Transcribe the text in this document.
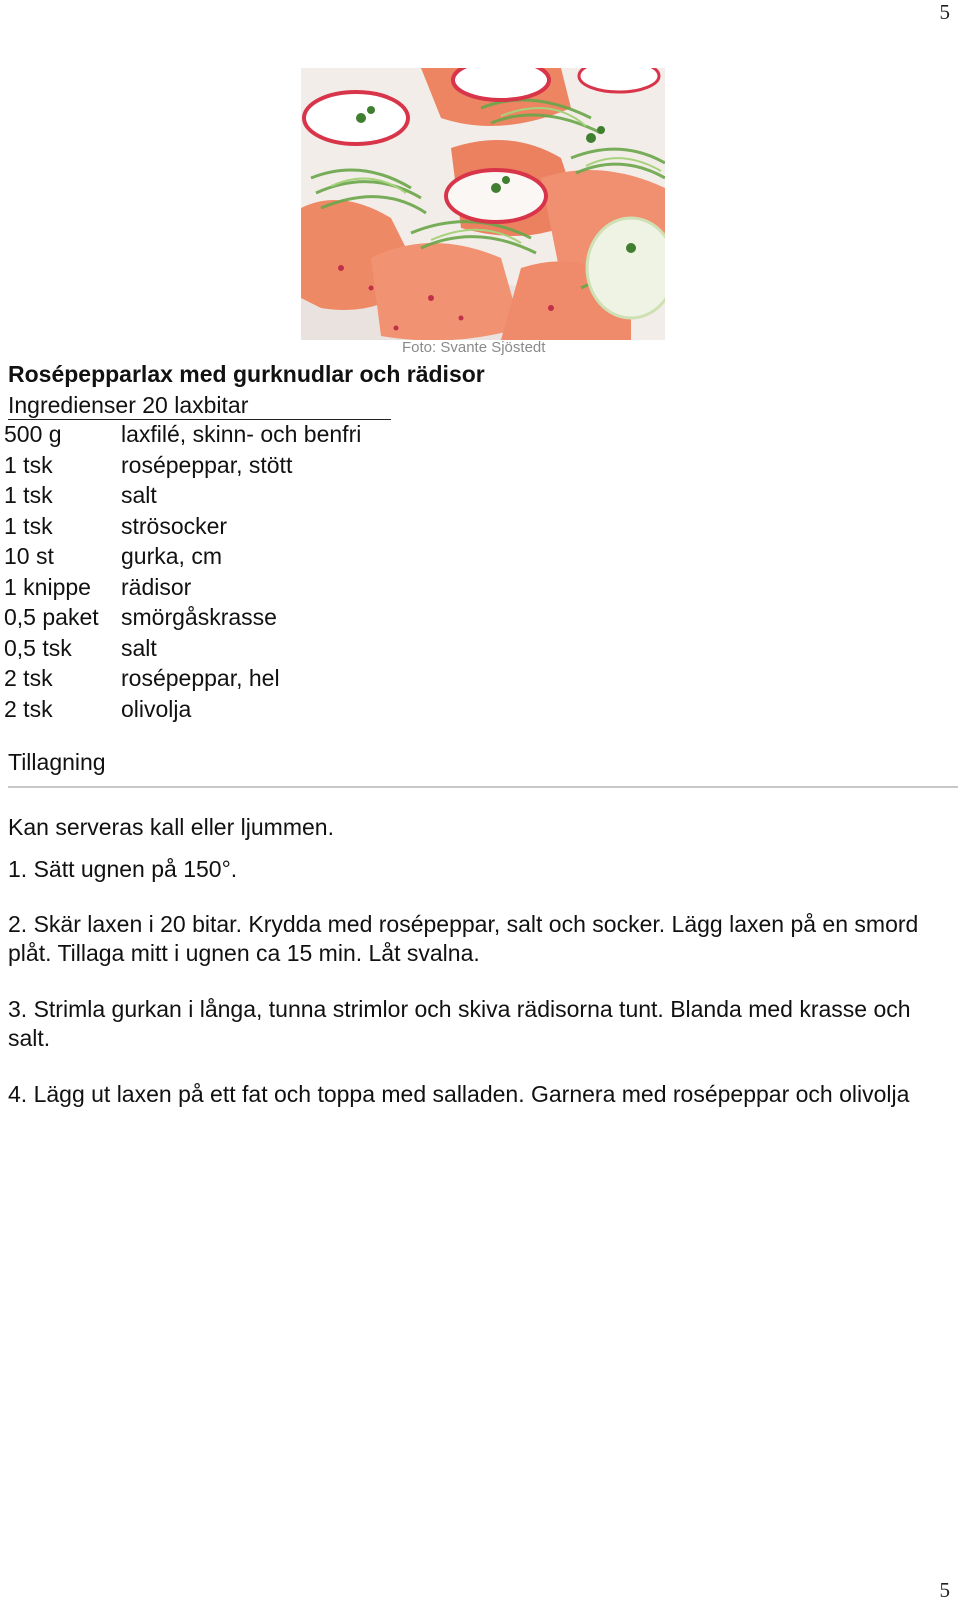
5
Foto: Svante Sjöstedt
Rosépepparlax med gurknudlar och rädisor
Ingredienser 20 laxbitar
500 g	laxfilé, skinn- och benfri
1 tsk	rosépeppar, stött
1 tsk	salt
1 tsk	strösocker
10 st	gurka, cm
1 knippe rädisor
0,5 paket smörgåskrasse
0,5 tsk salt
2 tsk	rosépeppar, hel
2 tsk	olivolja
Tillagning
Kan serveras kall eller ljummen.

1. Sätt ugnen på 150°.

2. Skär laxen i 20 bitar. Krydda med rosépeppar, salt och socker. Lägg laxen på en smord plåt. Tillaga mitt i ugnen ca 15 min. Låt svalna.

3. Strimla gurkan i långa, tunna strimlor och skiva rädisorna tunt. Blanda med krasse och salt.

4. Lägg ut laxen på ett fat och toppa med salladen. Garnera med rosépeppar och olivolja

5
